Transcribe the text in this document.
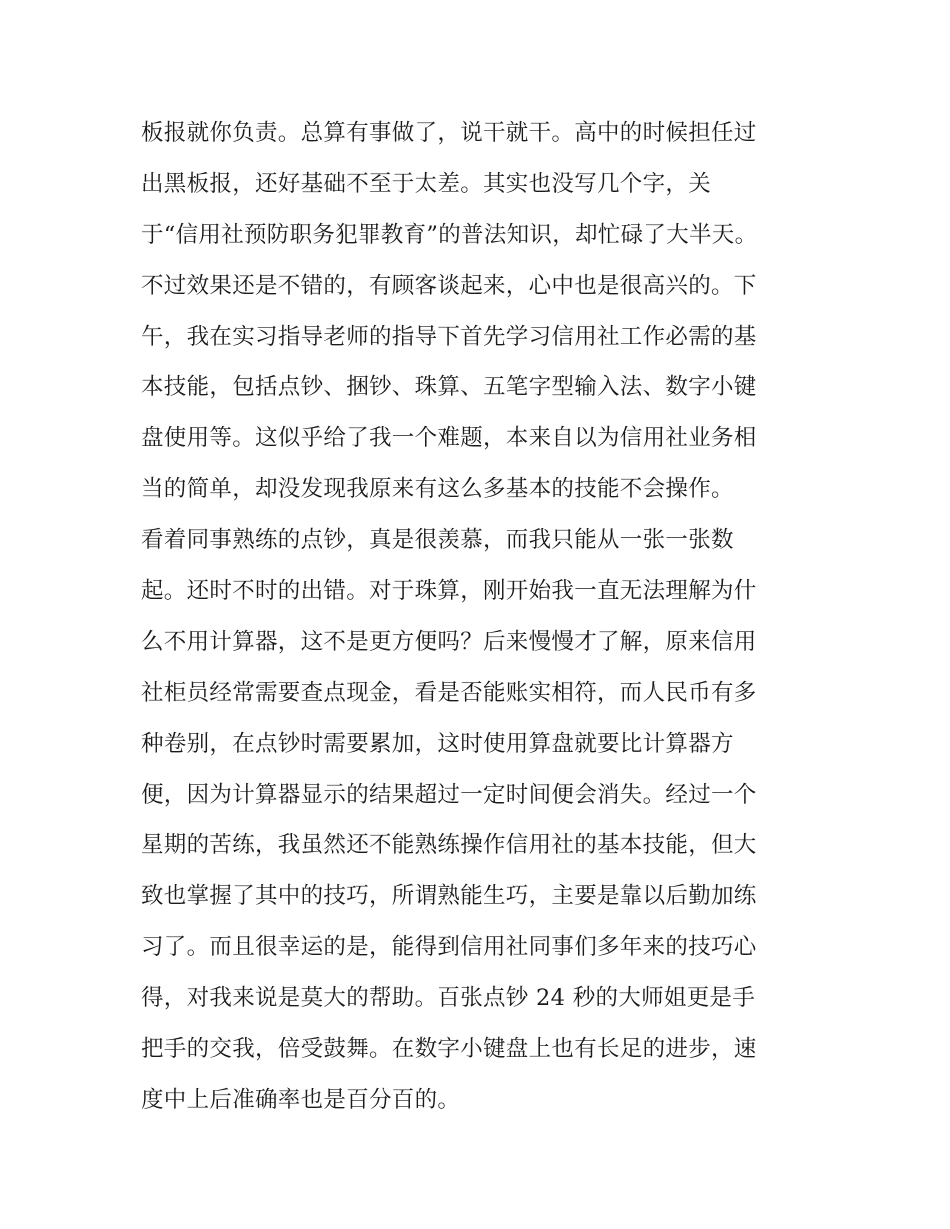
板报就你负责。总算有事做了，说干就干。高中的时候担任过
出黑板报，还好基础不至于太差。其实也没写几个字，关
于“信用社预防职务犯罪教育”的普法知识，却忙碌了大半天。
不过效果还是不错的，有顾客谈起来，心中也是很高兴的。下
午，我在实习指导老师的指导下首先学习信用社工作必需的基
本技能，包括点钞、捆钞、珠算、五笔字型输入法、数字小键
盘使用等。这似乎给了我一个难题，本来自以为信用社业务相
当的简单，却没发现我原来有这么多基本的技能不会操作。
看着同事熟练的点钞，真是很羡慕，而我只能从一张一张数
起。还时不时的出错。对于珠算，刚开始我一直无法理解为什
么不用计算器，这不是更方便吗？后来慢慢才了解，原来信用
社柜员经常需要查点现金，看是否能账实相符，而人民币有多
种卷别，在点钞时需要累加，这时使用算盘就要比计算器方
便，因为计算器显示的结果超过一定时间便会消失。经过一个
星期的苦练，我虽然还不能熟练操作信用社的基本技能，但大
致也掌握了其中的技巧，所谓熟能生巧，主要是靠以后勤加练
习了。而且很幸运的是，能得到信用社同事们多年来的技巧心
得，对我来说是莫大的帮助。百张点钞 24 秒的大师姐更是手
把手的交我，倍受鼓舞。在数字小键盘上也有长足的进步，速
度中上后准确率也是百分百的。
